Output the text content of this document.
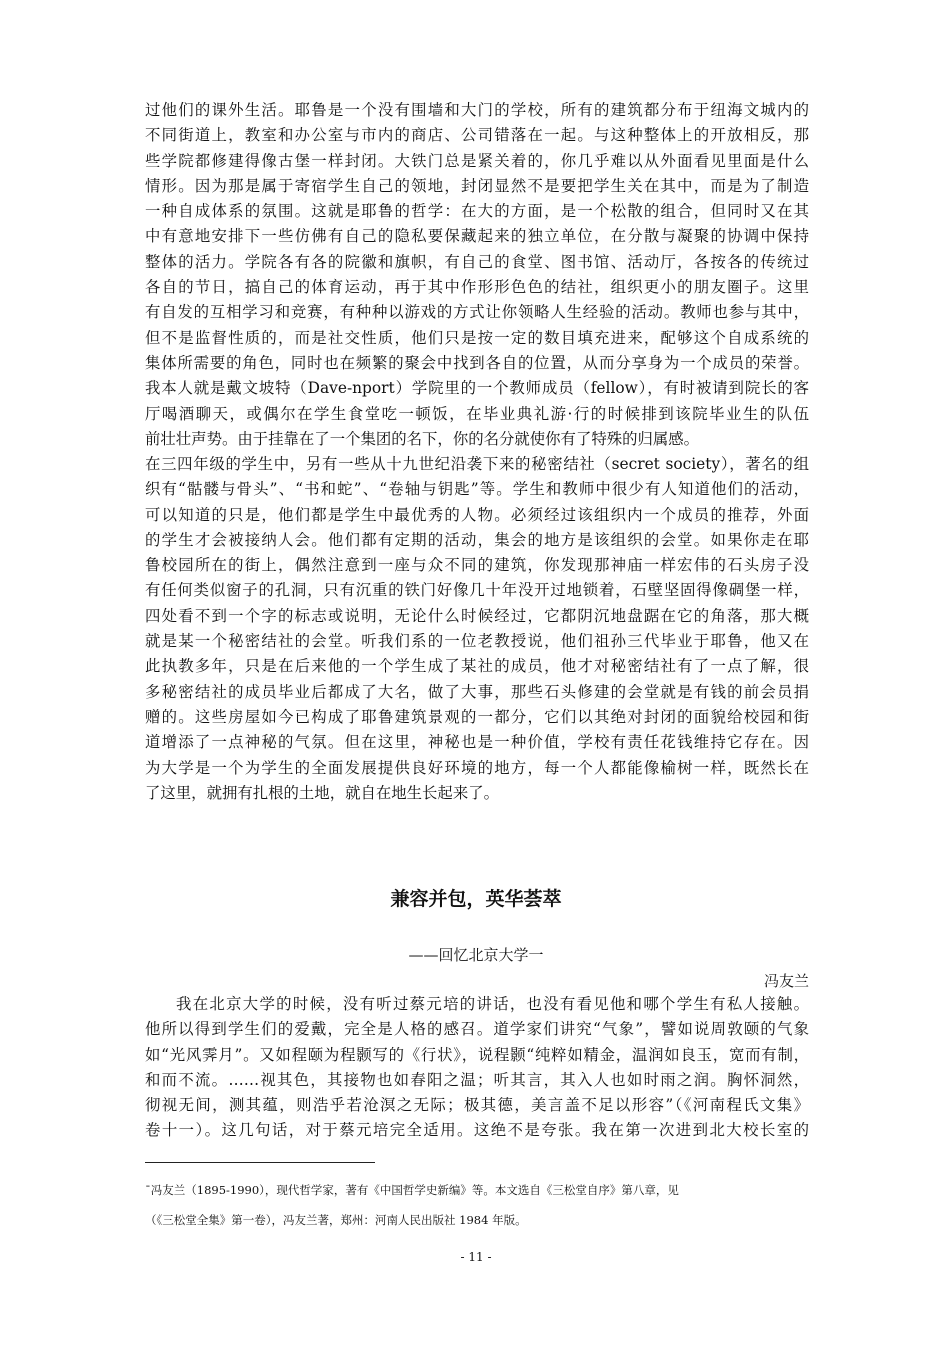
过他们的课外生活。耶鲁是一个没有围墙和大门的学校，所有的建筑都分布于纽海文城内的
不同街道上，教室和办公室与市内的商店、公司错落在一起。与这种整体上的开放相反，那
些学院都修建得像古堡一样封闭。大铁门总是紧关着的，你几乎难以从外面看见里面是什么
情形。因为那是属于寄宿学生自己的领地，封闭显然不是要把学生关在其中，而是为了制造
一种自成体系的氛围。这就是耶鲁的哲学：在大的方面，是一个松散的组合，但同时又在其
中有意地安排下一些仿佛有自己的隐私要保藏起来的独立单位，在分散与凝聚的协调中保持
整体的活力。学院各有各的院徽和旗帜，有自己的食堂、图书馆、活动厅，各按各的传统过
各自的节日，搞自己的体育运动，再于其中作形形色色的结社，组织更小的朋友圈子。这里
有自发的互相学习和竞赛，有种种以游戏的方式让你领略人生经验的活动。教师也参与其中，
但不是监督性质的，而是社交性质，他们只是按一定的数目填充进来，配够这个自成系统的
集体所需要的角色，同时也在频繁的聚会中找到各自的位置，从而分享身为一个成员的荣誉。
我本人就是戴文坡特（Dave-nport）学院里的一个教师成员（fellow），有时被请到院长的客
厅喝酒聊天，或偶尔在学生食堂吃一顿饭，在毕业典礼游·行的时候排到该院毕业生的队伍
前壮壮声势。由于挂靠在了一个集团的名下，你的名分就使你有了特殊的归属感。
在三四年级的学生中，另有一些从十九世纪沿袭下来的秘密结社（secret society），著名的组
织有“骷髅与骨头”、“书和蛇”、“卷轴与钥匙”等。学生和教师中很少有人知道他们的活动，
可以知道的只是，他们都是学生中最优秀的人物。必须经过该组织内一个成员的推荐，外面
的学生才会被接纳人会。他们都有定期的活动，集会的地方是该组织的会堂。如果你走在耶
鲁校园所在的街上，偶然注意到一座与众不同的建筑，你发现那神庙一样宏伟的石头房子没
有任何类似窗子的孔洞，只有沉重的铁门好像几十年没开过地锁着，石壁坚固得像碉堡一样，
四处看不到一个字的标志或说明，无论什么时候经过，它都阴沉地盘踞在它的角落，那大概
就是某一个秘密结社的会堂。听我们系的一位老教授说，他们祖孙三代毕业于耶鲁，他又在
此执教多年，只是在后来他的一个学生成了某社的成员，他才对秘密结社有了一点了解，很
多秘密结社的成员毕业后都成了大名，做了大事，那些石头修建的会堂就是有钱的前会员捐
赠的。这些房屋如今已构成了耶鲁建筑景观的一都分，它们以其绝对封闭的面貌给校园和街
道增添了一点神秘的气氛。但在这里，神秘也是一种价值，学校有责任花钱维持它存在。因
为大学是一个为学生的全面发展提供良好环境的地方，每一个人都能像榆树一样，既然长在
了这里，就拥有扎根的土地，就自在地生长起来了。
兼容并包，英华荟萃
——回忆北京大学一
冯友兰
我在北京大学的时候，没有听过蔡元培的讲话，也没有看见他和哪个学生有私人接触。
他所以得到学生们的爱戴，完全是人格的感召。道学家们讲究“气象”，譬如说周敦颐的气象
如“光风霁月”。又如程颐为程颢写的《行状》，说程颢“纯粹如精金，温润如良玉，宽而有制，
和而不流。……视其色，其接物也如春阳之温；听其言，其入人也如时雨之润。胸怀洞然，
彻视无间，测其蕴，则浩乎若沧溟之无际；极其德，美言盖不足以形容”（《河南程氏文集》
卷十一）。这几句话，对于蔡元培完全适用。这绝不是夸张。我在第一次进到北大校长室的
¯冯友兰（1895-1990），现代哲学家，著有《中国哲学史新编》等。本文选自《三松堂自序》第八章，见
（《三松堂全集》第一卷），冯友兰著，郑州：河南人民出版社 1984 年版。
- 11 -
